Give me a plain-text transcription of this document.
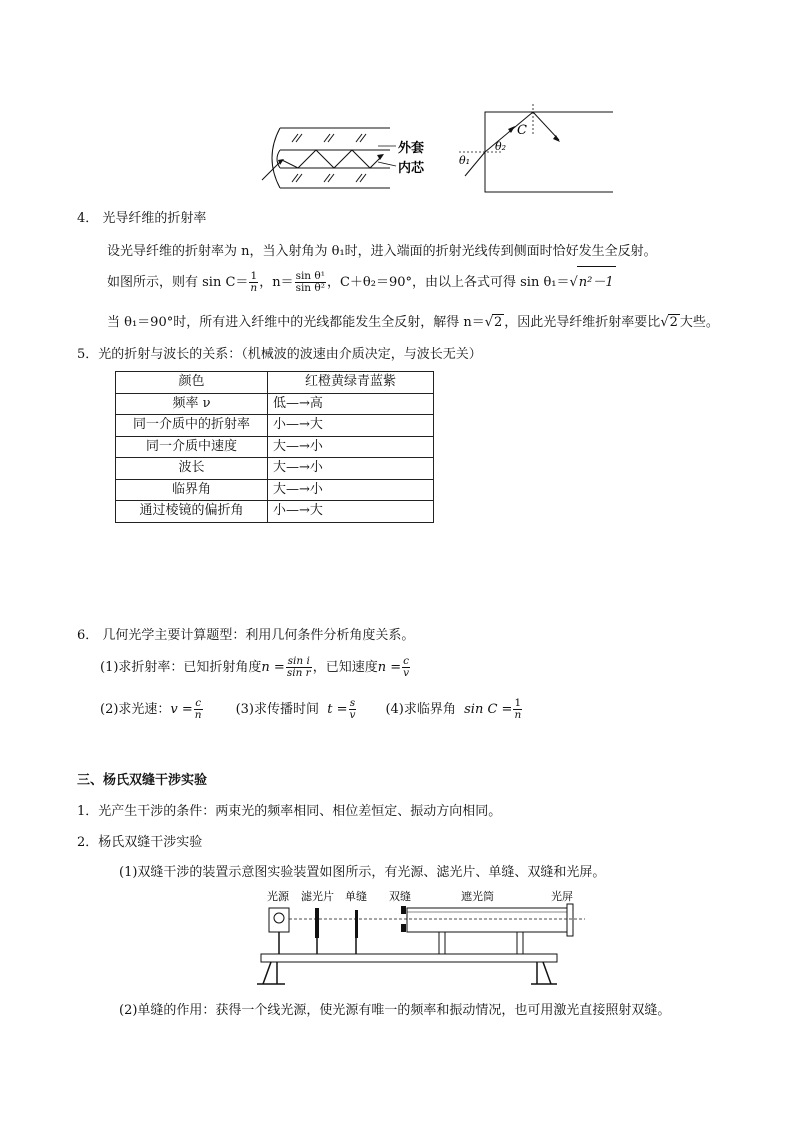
外套
内芯
C
θ₁
θ₂
4． 光导纤维的折射率
设光导纤维的折射率为 n，当入射角为 θ₁时，进入端面的折射光线传到侧面时恰好发生全反射。
如图所示，则有 $\sin C= \frac{1}{n}$ ，$n= \frac{\text{sin θ¹}}{\text{sin θ²}}$ ，C＋θ₂＝90°，由以上各式可得 sin θ₁＝√n²－1
当 θ₁＝90°时，所有进入纤维中的光线都能发生全反射，解得 n＝√2 ，因此光导纤维折射率要比√2 大些。
5．光的折射与波长的关系：（机械波的波速由介质决定，与波长无关）
颜色	红橙黄绿青蓝紫
频率 ν	低—→高
同一介质中的折射率	小—→大
同一介质中速度	大—→小
波长	大—→小
临界角	大—→小
通过棱镜的偏折角	小—→大
6． 几何光学主要计算题型：利用几何条件分析角度关系。
(1)求折射率：已知折射角度$n = \frac{\text{sin i}}{\text{sin r}}$ ，已知速度$n = \frac{c}{v}$
(2)求光速：$v = \frac{c}{n}$	(3)求传播时间 $t = \frac{s}{v} (4)$求临界角 $\sin C = \frac{1}{n}$
三、杨氏双缝干涉实验
1．光产生干涉的条件：两束光的频率相同、相位差恒定、振动方向相同。
2．杨氏双缝干涉实验
(1)双缝干涉的装置示意图实验装置如图所示，有光源、滤光片、单缝、双缝和光屏。
光源 滤光片 单缝 双缝	遮光筒	光屏
(2)单缝的作用：获得一个线光源，使光源有唯一的频率和振动情况，也可用激光直接照射双缝。
